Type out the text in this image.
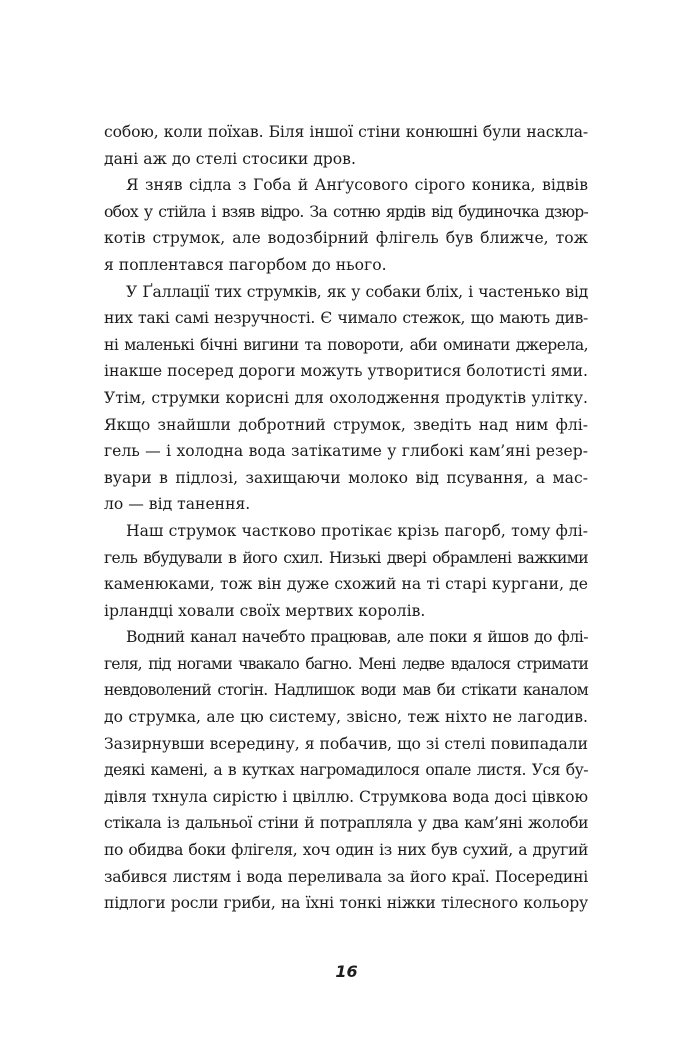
собою, коли поїхав. Біля іншої стіни конюшні були наскла-
дані аж до стелі стосики дров.

Я зняв сідла з Гоба й Анґусового сірого коника, відвів
обох у стійла і взяв відро. За сотню ярдів від будиночка дзюр-
котів струмок, але водозбірний флігель був ближче, тож
я поплентався пагорбом до нього.

У Ґаллації тих струмків, як у собаки бліх, і частенько від
них такі самі незручності. Є чимало стежок, що мають див-
ні маленькі бічні вигини та повороти, аби оминати джерела,
інакше посеред дороги можуть утворитися болотисті ями.
Утім, струмки корисні для охолодження продуктів улітку.
Якщо знайшли добротний струмок, зведіть над ним флі-
гель — і холодна вода затікатиме у глибокі кам’яні резер-
вуари в підлозі, захищаючи молоко від псування, а мас-
ло — від танення.

Наш струмок частково протікає крізь пагорб, тому флі-
гель вбудували в його схил. Низькі двері обрамлені важкими
каменюками, тож він дуже схожий на ті старі кургани, де
ірландці ховали своїх мертвих королів.

Водний канал начебто працював, але поки я йшов до флі-
геля, під ногами чвакало багно. Мені ледве вдалося стримати
невдоволений стогін. Надлишок води мав би стікати каналом
до струмка, але цю систему, звісно, теж ніхто не лагодив.
Зазирнувши всередину, я побачив, що зі стелі повипадали
деякі камені, а в кутках нагромадилося опале листя. Уся бу-
дівля тхнула сирістю і цвіллю. Струмкова вода досі цівкою
стікала із дальньої стіни й потрапляла у два кам’яні жолоби
по обидва боки флігеля, хоч один із них був сухий, а другий
забився листям і вода переливала за його краї. Посередині
підлоги росли гриби, на їхні тонкі ніжки тілесного кольору

16
